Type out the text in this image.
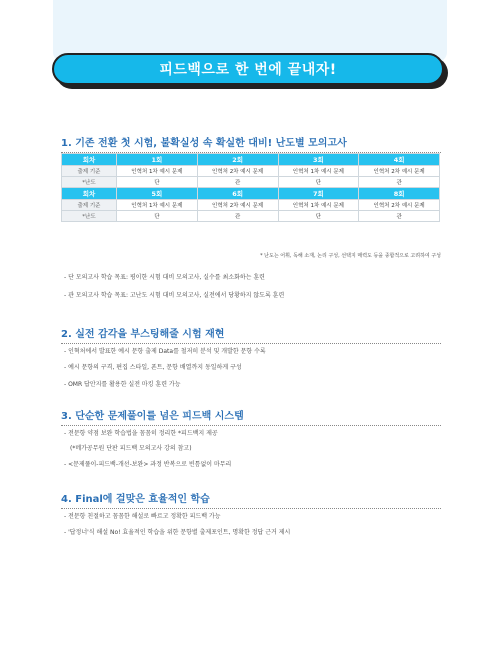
피드백으로 한 번에 끝내자!
1. 기존 전환 첫 시험, 불확실성 속 확실한 대비! 난도별 모의고사
회차	1회	2회	3회	4회
출제 기준	인혁처 1차 예시 문제	인혁처 2차 예시 문제	인혁처 1차 예시 문제	인혁처 2차 예시 문제
*난도	단	관	단	관
회차	5회	6회	7회	8회
출제 기준	인혁처 1차 예시 문제	인혁처 2차 예시 문제	인혁처 1차 예시 문제	인혁처 2차 예시 문제
*난도	단	관	단	관
* 난도는 어휘, 독해 소재, 논리 구성, 선택지 매력도 등을 종합적으로 고려하여 구성
- 단 모의고사 학습 목표: 평이한 시험 대비 모의고사, 실수를 최소화하는 훈련
- 관 모의고사 학습 목표: 고난도 시험 대비 모의고사, 실전에서 당황하지 않도록 훈련
2. 실전 감각을 부스팅해줄 시험 재현
- 인혁처에서 발표한 예시 문항 출제 Data를 철저히 분석 및 개발한 문항 수록
- 예시 문항의 구격, 편집 스타일, 폰트, 문항 배열까지 동일하게 구성
- OMR 답안지를 활용한 실전 마킹 훈련 가능
3. 단순한 문제풀이를 넘은 피드백 시스템
- 전문항 약점 보완 학습법을 꼼꼼히 정리한 *피드백지 제공
(*메가공무원 단판 피드백 모의고사 강의 참고)
- <문제풀이-피드백-개선-보완> 과정 반복으로 빈틈없이 마무리
4. Final에 걸맞은 효율적인 학습
- 전문항 친절하고 꼼꼼한 해설로 빠르고 정확한 피드백 가능
- '답정너'식 해설 No! 효율적인 학습을 위한 문항별 출제포인트, 명확한 정답 근거 제시
